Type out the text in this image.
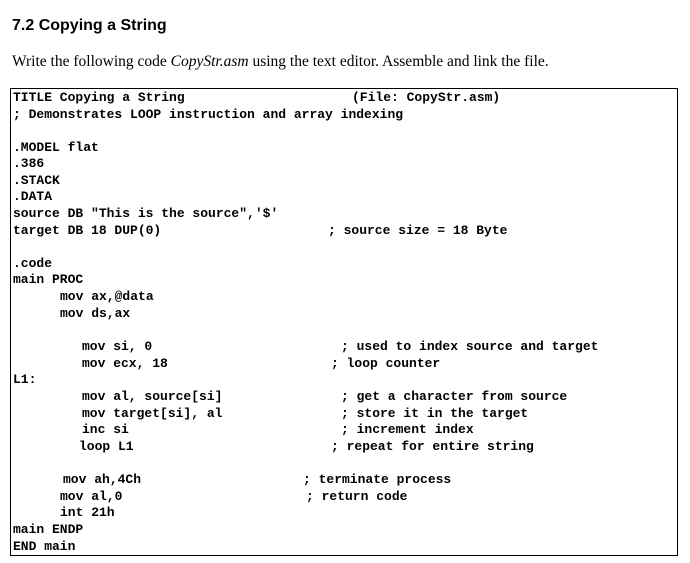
7.2 Copying a String

Write the following code CopyStr.asm using the text editor. Assemble and link the file.

TITLE Copying a String	(File: CopyStr.asm)
; Demonstrates LOOP instruction and array indexing
.MODEL flat
.386
.STACK
.DATA
source DB "This is the source",'$'
target DB 18 DUP(0)	; source size = 18 Byte
.code
main PROC
mov ax,@data
mov ds,ax
mov si, 0	; used to index source and target
mov ecx, 18	; loop counter
L1:
mov al, source[si]	; get a character from source
mov target[si], al	; store it in the target
inc si	; increment index
loop L1	; repeat for entire string
mov ah,4Ch	; terminate process
mov al,0	; return code
int 21h
main ENDP
END main
